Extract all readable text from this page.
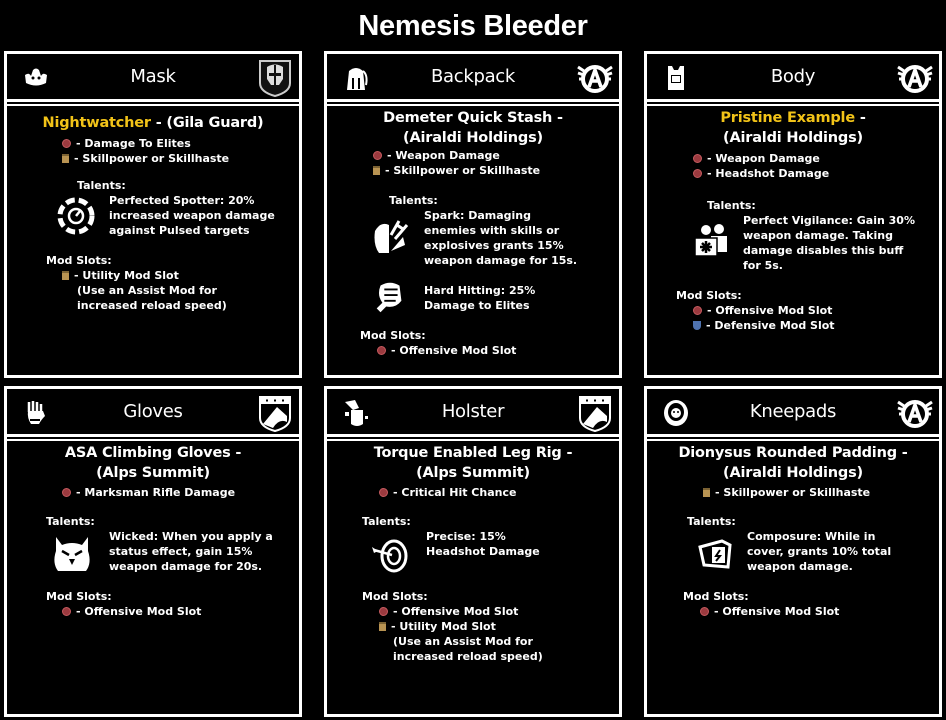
Nemesis Bleeder
Mask
Nightwatcher - (Gila Guard)
- Damage To Elites
- Skillpower or Skillhaste
Talents:
Perfected Spotter: 20%
increased weapon damage
against Pulsed targets
Mod Slots:
- Utility Mod Slot
(Use an Assist Mod for
increased reload speed)
Backpack
Demeter Quick Stash -
(Airaldi Holdings)
- Weapon Damage
- Skillpower or Skillhaste
Talents:
Spark: Damaging
enemies with skills or
explosives grants 15%
weapon damage for 15s.
Hard Hitting: 25%
Damage to Elites
Mod Slots:
- Offensive Mod Slot
Body
Pristine Example -
(Airaldi Holdings)
- Weapon Damage
- Headshot Damage
Talents:
Perfect Vigilance: Gain 30%
weapon damage. Taking
damage disables this buff
for 5s.
Mod Slots:
- Offensive Mod Slot
- Defensive Mod Slot
Gloves
ASA Climbing Gloves -
(Alps Summit)
- Marksman Rifle Damage
Talents:
Wicked: When you apply a
status effect, gain 15%
weapon damage for 20s.
Mod Slots:
- Offensive Mod Slot
Holster
Torque Enabled Leg Rig -
(Alps Summit)
- Critical Hit Chance
Talents:
Precise: 15%
Headshot Damage
Mod Slots:
- Offensive Mod Slot
- Utility Mod Slot
(Use an Assist Mod for
increased reload speed)
Kneepads
Dionysus Rounded Padding -
(Airaldi Holdings)
- Skillpower or Skillhaste
Talents:
Composure: While in
cover, grants 10% total
weapon damage.
Mod Slots:
- Offensive Mod Slot
